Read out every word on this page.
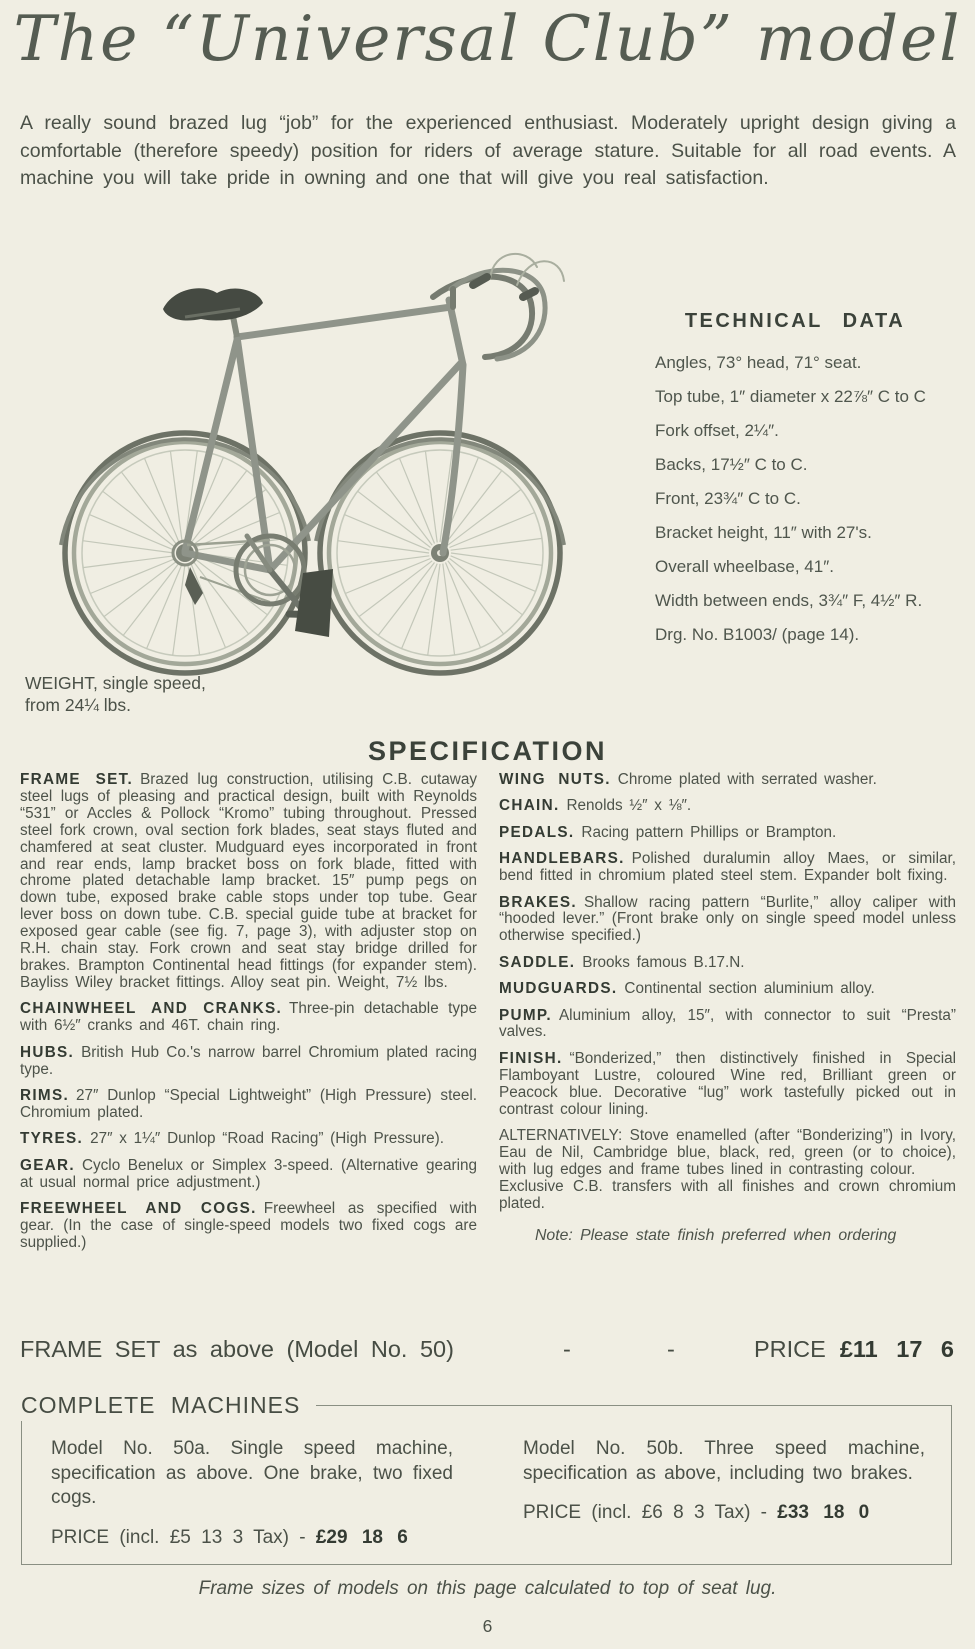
The “Universal Club” model

A really sound brazed lug “job” for the experienced enthusiast. Moderately upright design giving a comfortable (therefore speedy) position for riders of average stature. Suitable for all road events. A machine you will take pride in owning and one that will give you real satisfaction.

TECHNICAL DATA
Angles, 73° head, 71° seat.
Top tube, 1″ diameter x 22⅞″ C to C
Fork offset, 2¼″.
Backs, 17½″ C to C.
Front, 23¾″ C to C.
Bracket height, 11″ with 27's.
Overall wheelbase, 41″.
Width between ends, 3¾″ F, 4½″ R.
Drg. No. B1003/ (page 14).

WEIGHT, single speed,
from 24¼ lbs.

SPECIFICATION

FRAME SET. Brazed lug construction, utilising C.B. cutaway steel lugs of pleasing and practical design, built with Reynolds “531” or Accles & Pollock “Kromo” tubing throughout. Pressed steel fork crown, oval section fork blades, seat stays fluted and chamfered at seat cluster. Mudguard eyes incorporated in front and rear ends, lamp bracket boss on fork blade, fitted with chrome plated detachable lamp bracket. 15″ pump pegs on down tube, exposed brake cable stops under top tube. Gear lever boss on down tube. C.B. special guide tube at bracket for exposed gear cable (see fig. 7, page 3), with adjuster stop on R.H. chain stay. Fork crown and seat stay bridge drilled for brakes. Brampton Continental head fittings (for expander stem). Bayliss Wiley bracket fittings. Alloy seat pin. Weight, 7½ lbs.

CHAINWHEEL AND CRANKS. Three-pin detachable type with 6½″ cranks and 46T. chain ring.

HUBS. British Hub Co.'s narrow barrel Chromium plated racing type.

RIMS. 27″ Dunlop “Special Lightweight” (High Pressure) steel. Chromium plated.

TYRES. 27″ x 1¼″ Dunlop “Road Racing” (High Pressure).

GEAR. Cyclo Benelux or Simplex 3-speed. (Alternative gearing at usual normal price adjustment.)

FREEWHEEL AND COGS. Freewheel as specified with gear. (In the case of single-speed models two fixed cogs are supplied.)

WING NUTS. Chrome plated with serrated washer.

CHAIN. Renolds ½″ x ⅛″.

PEDALS. Racing pattern Phillips or Brampton.

HANDLEBARS. Polished duralumin alloy Maes, or similar, bend fitted in chromium plated steel stem. Expander bolt fixing.

BRAKES. Shallow racing pattern “Burlite,” alloy caliper with “hooded lever.” (Front brake only on single speed model unless otherwise specified.)

SADDLE. Brooks famous B.17.N.

MUDGUARDS. Continental section aluminium alloy.

PUMP. Aluminium alloy, 15″, with connector to suit “Presta” valves.

FINISH. “Bonderized,” then distinctively finished in Special Flamboyant Lustre, coloured Wine red, Brilliant green or Peacock blue. Decorative “lug” work tastefully picked out in contrast colour lining.

ALTERNATIVELY: Stove enamelled (after “Bonderizing”) in Ivory, Eau de Nil, Cambridge blue, black, red, green (or to choice), with lug edges and frame tubes lined in contrasting colour.

Exclusive C.B. transfers with all finishes and crown chromium plated.

Note: Please state finish preferred when ordering

FRAME SET as above (Model No. 50)	-	-	PRICE £11 17 6
COMPLETE MACHINES

Model No. 50a. Single speed machine, specification as above. One brake, two fixed cogs.

PRICE (incl. £5 13 3 Tax) - £29 18 6

Model No. 50b. Three speed machine, specification as above, including two brakes.

PRICE (incl. £6 8 3 Tax) - £33 18 0

Frame sizes of models on this page calculated to top of seat lug.

6
